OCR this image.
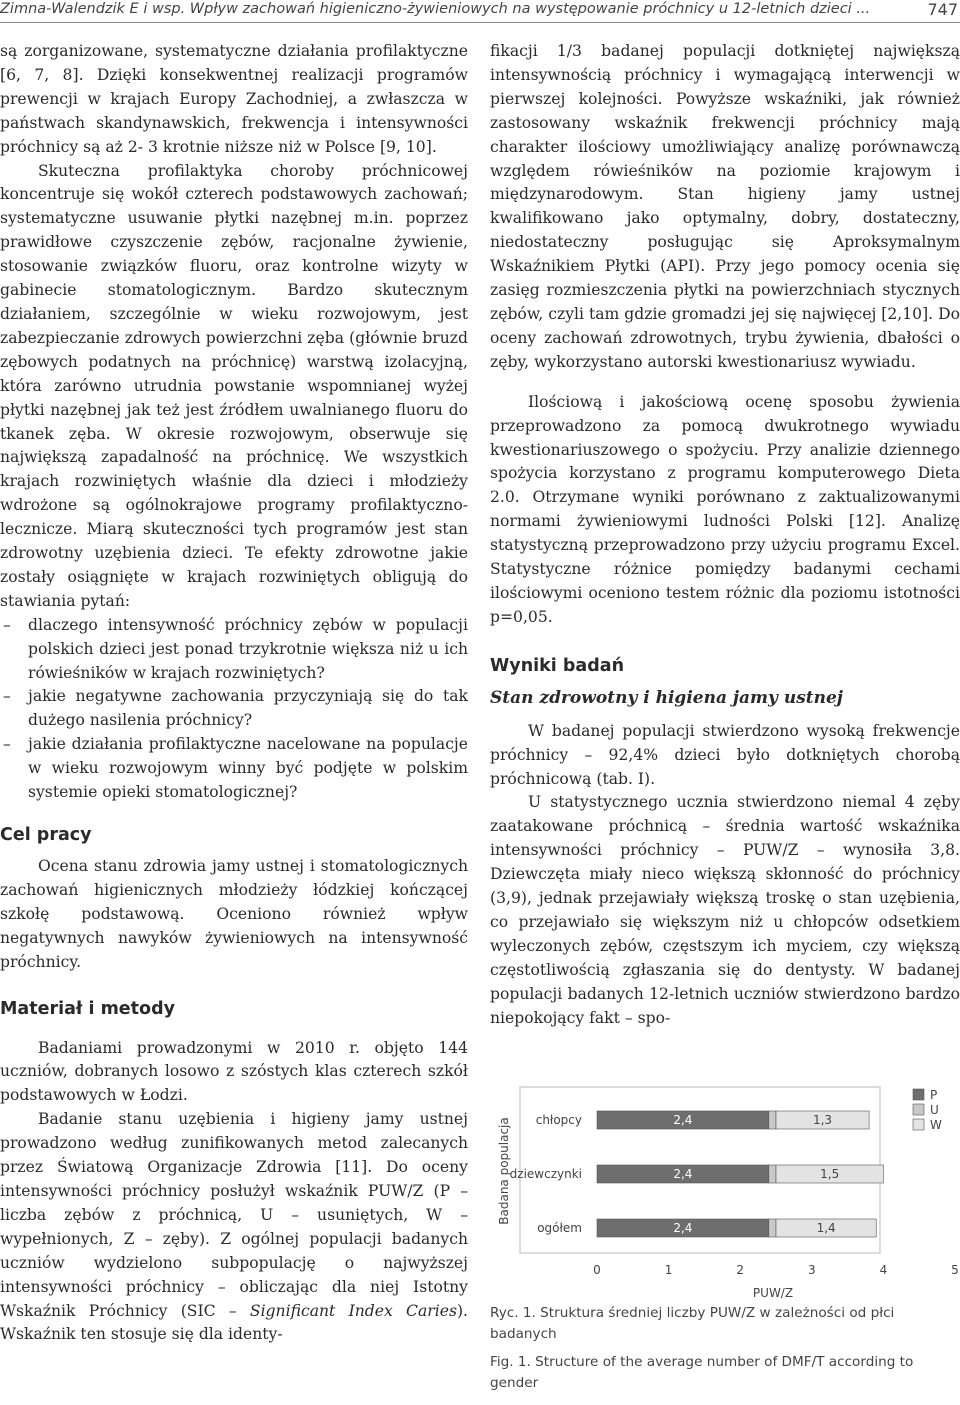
Zimna-Walendzik E i wsp. Wpływ zachowań higieniczno-żywieniowych na występowanie próchnicy u 12-letnich dzieci ...	747

są zorganizowane, systematyczne działania profilaktyczne [6, 7, 8]. Dzięki konsekwentnej realizacji programów prewencji w krajach Europy Zachodniej, a zwłaszcza w państwach skandynawskich, frekwencja i intensywności próchnicy są aż 2- 3 krotnie niższe niż w Polsce [9, 10].

Skuteczna profilaktyka choroby próchnicowej koncentruje się wokół czterech podstawowych zachowań; systematyczne usuwanie płytki nazębnej m.in. poprzez prawidłowe czyszczenie zębów, racjonalne żywienie, stosowanie związków fluoru, oraz kontrolne wizyty w gabinecie stomatologicznym. Bardzo skutecznym działaniem, szczególnie w wieku rozwojowym, jest zabezpieczanie zdrowych powierzchni zęba (głównie bruzd zębowych podatnych na próchnicę) warstwą izolacyjną, która zarówno utrudnia powstanie wspomnianej wyżej płytki nazębnej jak też jest źródłem uwalnianego fluoru do tkanek zęba. W okresie rozwojowym, obserwuje się największą zapadalność na próchnicę. We wszystkich krajach rozwiniętych właśnie dla dzieci i młodzieży wdrożone są ogólnokrajowe programy profilaktyczno-lecznicze. Miarą skuteczności tych programów jest stan zdrowotny uzębienia dzieci. Te efekty zdrowotne jakie zostały osiągnięte w krajach rozwiniętych obligują do stawiania pytań:

– dlaczego intensywność próchnicy zębów w populacji polskich dzieci jest ponad trzykrotnie większa niż u ich rówieśników w krajach rozwiniętych?
– jakie negatywne zachowania przyczyniają się do tak dużego nasilenia próchnicy?
– jakie działania profilaktyczne nacelowane na populacje w wieku rozwojowym winny być podjęte w polskim systemie opieki stomatologicznej?
Cel pracy

Ocena stanu zdrowia jamy ustnej i stomatologicznych zachowań higienicznych młodzieży łódzkiej kończącej szkołę podstawową. Oceniono również wpływ negatywnych nawyków żywieniowych na intensywność próchnicy.

Materiał i metody

Badaniami prowadzonymi w 2010 r. objęto 144 uczniów, dobranych losowo z szóstych klas czterech szkół podstawowych w Łodzi.

Badanie stanu uzębienia i higieny jamy ustnej prowadzono według zunifikowanych metod zalecanych przez Światową Organizacje Zdrowia [11]. Do oceny intensywności próchnicy posłużył wskaźnik PUW/Z (P – liczba zębów z próchnicą, U – usuniętych, W – wypełnionych, Z – zęby). Z ogólnej populacji badanych uczniów wydzielono subpopulację o najwyższej intensywności próchnicy – obliczając dla niej Istotny Wskaźnik Próchnicy (SIC – Significant Index Caries). Wskaźnik ten stosuje się dla identy-

fikacji 1/3 badanej populacji dotkniętej największą intensywnością próchnicy i wymagającą interwencji w pierwszej kolejności. Powyższe wskaźniki, jak również zastosowany wskaźnik frekwencji próchnicy mają charakter ilościowy umożliwiający analizę porównawczą względem rówieśników na poziomie krajowym i międzynarodowym. Stan higieny jamy ustnej kwalifikowano jako optymalny, dobry, dostateczny, niedostateczny posługując się Aproksymalnym Wskaźnikiem Płytki (API). Przy jego pomocy ocenia się zasięg rozmieszczenia płytki na powierzchniach stycznych zębów, czyli tam gdzie gromadzi jej się najwięcej [2,10]. Do oceny zachowań zdrowotnych, trybu żywienia, dbałości o zęby, wykorzystano autorski kwestionariusz wywiadu.

Ilościową i jakościową ocenę sposobu żywienia przeprowadzono za pomocą dwukrotnego wywiadu kwestionariuszowego o spożyciu. Przy analizie dziennego spożycia korzystano z programu komputerowego Dieta 2.0. Otrzymane wyniki porównano z zaktualizowanymi normami żywieniowymi ludności Polski [12]. Analizę statystyczną przeprowadzono przy użyciu programu Excel. Statystyczne różnice pomiędzy badanymi cechami ilościowymi oceniono testem różnic dla poziomu istotności p=0,05.

Wyniki badań
Stan zdrowotny i higiena jamy ustnej

W badanej populacji stwierdzono wysoką frekwencje próchnicy – 92,4% dzieci było dotkniętych chorobą próchnicową (tab. I).

U statystycznego ucznia stwierdzono niemal 4 zęby zaatakowane próchnicą – średnia wartość wskaźnika intensywności próchnicy – PUW/Z – wynosiła 3,8. Dziewczęta miały nieco większą skłonność do próchnicy (3,9), jednak przejawiały większą troskę o stan uzębienia, co przejawiało się większym niż u chłopców odsetkiem wyleczonych zębów, częstszym ich myciem, czy większą częstotliwością zgłaszania się do dentysty. W badanej populacji badanych 12-letnich uczniów stwierdzono bardzo niepokojący fakt – spo-

Badana populacja chłopcy	2,4	1,3
dziewczynki	2,4	1,5
ogółem	2,4	1,4
P
U
W
0	1	2	3	4	5
PUW/Z
Ryc. 1. Struktura średniej liczby PUW/Z w zależności od płci badanych
Fig. 1. Structure of the average number of DMF/T according to gender
